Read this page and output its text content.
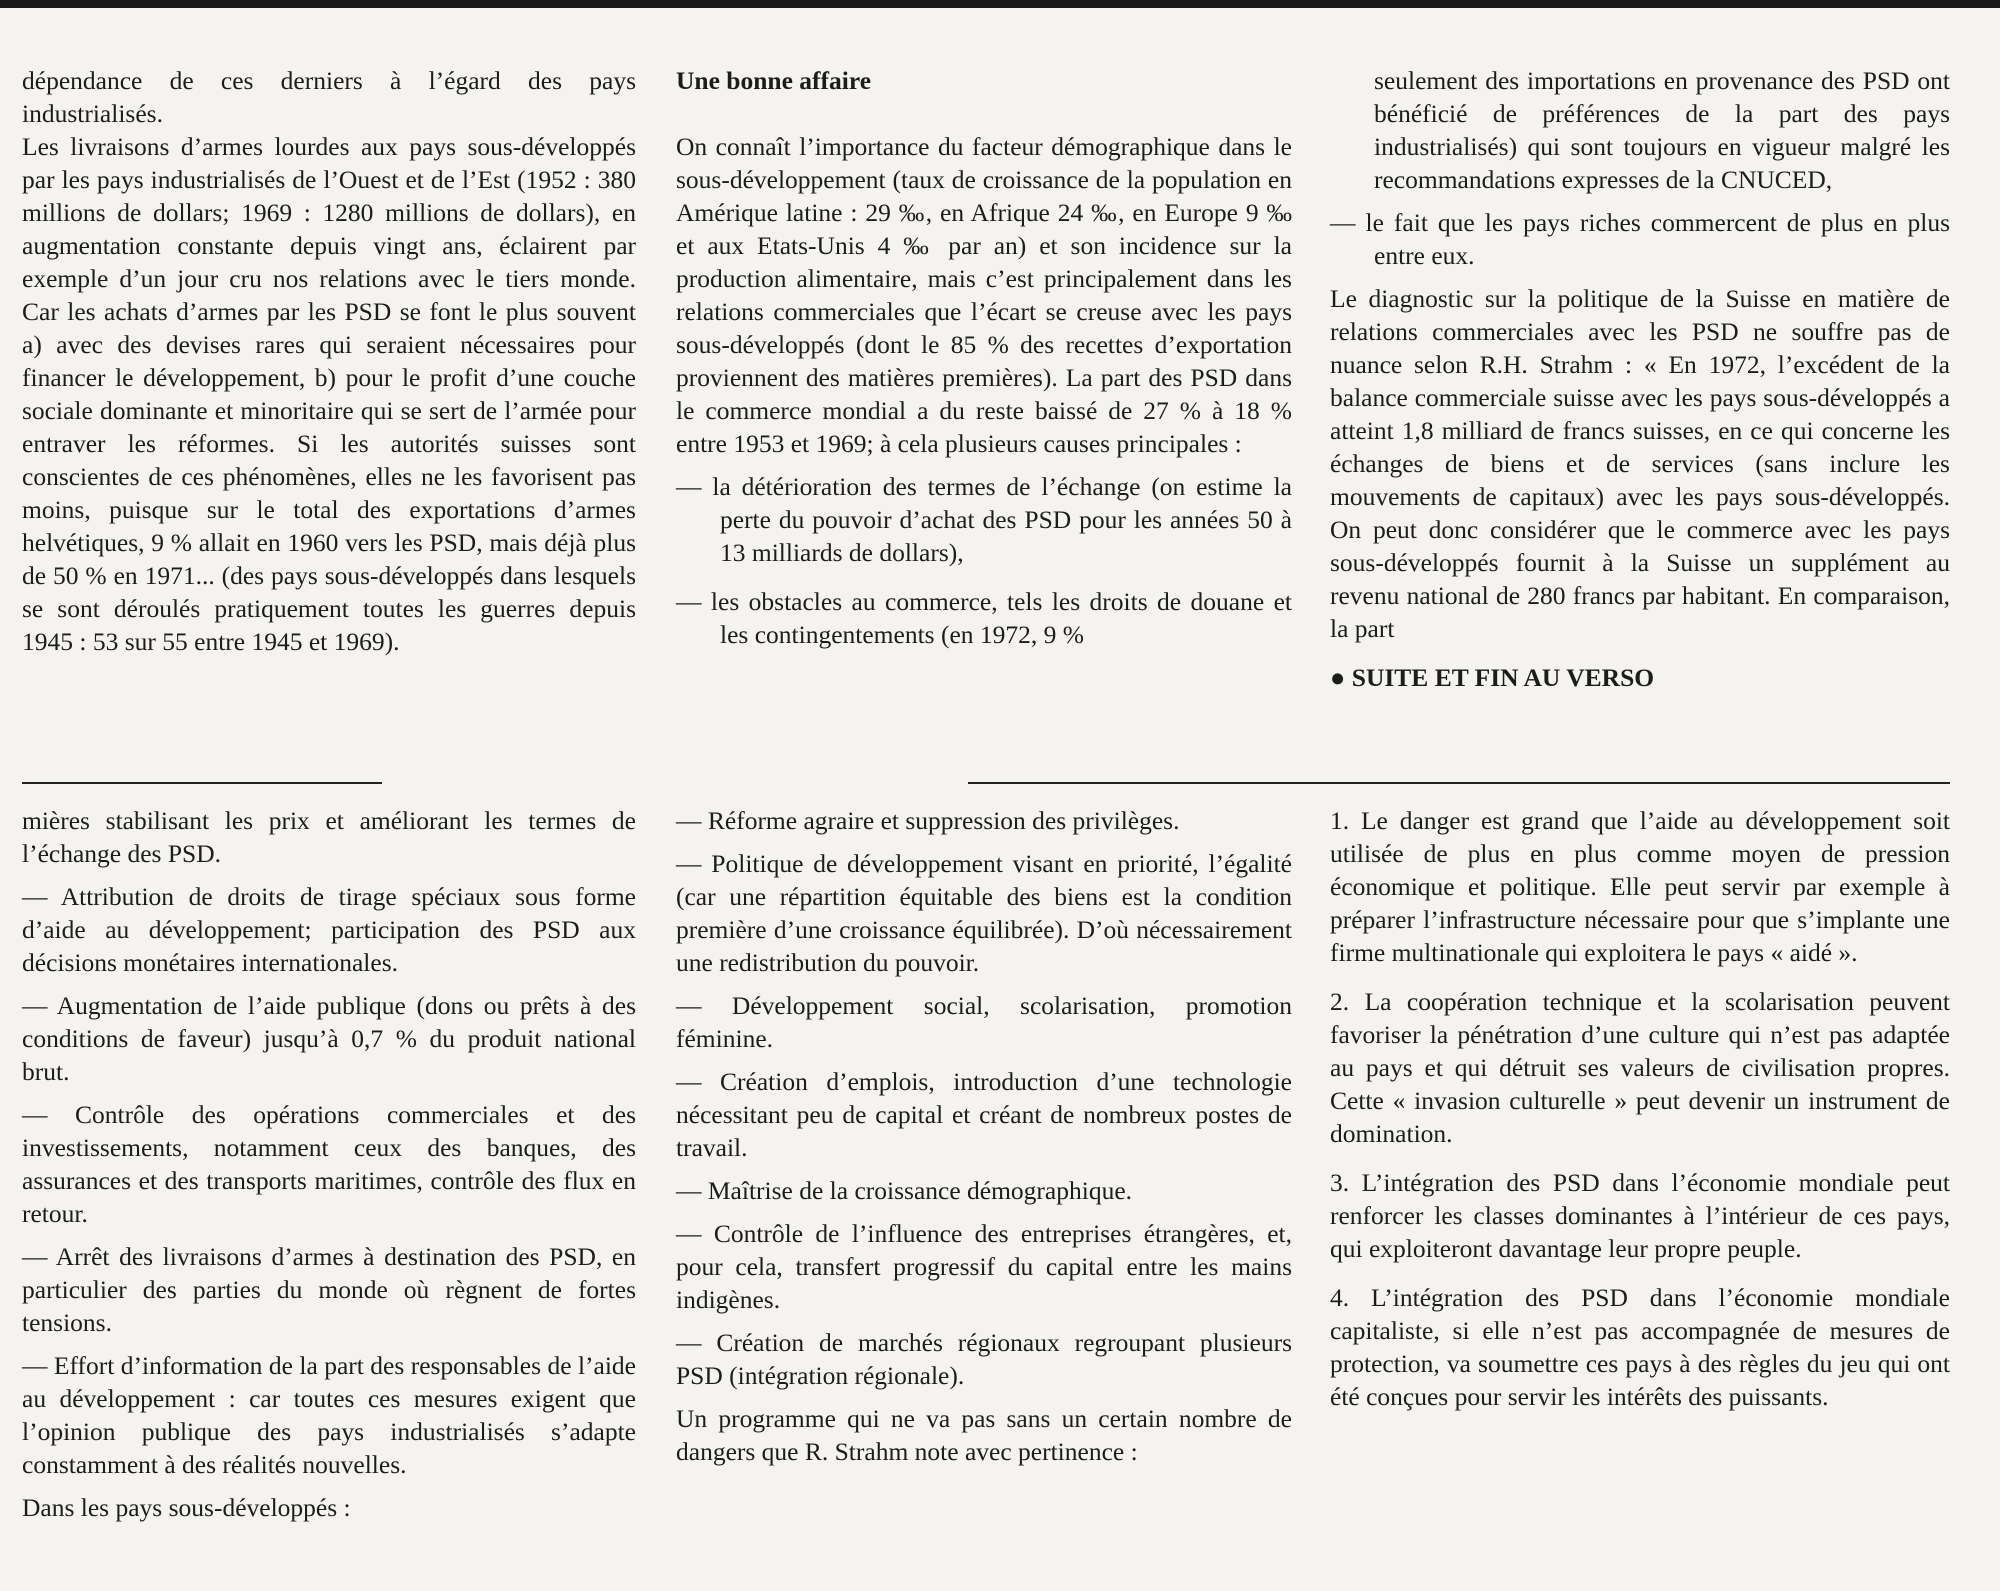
dépendance de ces derniers à l’égard des pays industrialisés.

Les livraisons d’armes lourdes aux pays sous-développés par les pays industrialisés de l’Ouest et de l’Est (1952 : 380 millions de dollars; 1969 : 1280 millions de dollars), en augmentation constante depuis vingt ans, éclairent par exemple d’un jour cru nos relations avec le tiers monde. Car les achats d’armes par les PSD se font le plus souvent a) avec des devises rares qui seraient nécessaires pour financer le développement, b) pour le profit d’une couche sociale dominante et minoritaire qui se sert de l’armée pour entraver les réformes. Si les autorités suisses sont conscientes de ces phénomènes, elles ne les favorisent pas moins, puisque sur le total des exportations d’armes helvétiques, 9 % allait en 1960 vers les PSD, mais déjà plus de 50 % en 1971... (des pays sous-développés dans lesquels se sont déroulés pratiquement toutes les guerres depuis 1945 : 53 sur 55 entre 1945 et 1969).

Une bonne affaire

On connaît l’importance du facteur démographique dans le sous-développement (taux de croissance de la population en Amérique latine : 29 ‰, en Afrique 24 ‰, en Europe 9 ‰ et aux Etats-Unis 4 ‰ par an) et son incidence sur la production alimentaire, mais c’est principalement dans les relations commerciales que l’écart se creuse avec les pays sous-développés (dont le 85 % des recettes d’exportation proviennent des matières premières). La part des PSD dans le commerce mondial a du reste baissé de 27 % à 18 % entre 1953 et 1969; à cela plusieurs causes principales :

— la détérioration des termes de l’échange (on estime la perte du pouvoir d’achat des PSD pour les années 50 à 13 milliards de dollars),

— les obstacles au commerce, tels les droits de douane et les contingentements (en 1972, 9 %

seulement des importations en provenance des PSD ont bénéficié de préférences de la part des pays industrialisés) qui sont toujours en vigueur malgré les recommandations expresses de la CNUCED,

— le fait que les pays riches commercent de plus en plus entre eux.

Le diagnostic sur la politique de la Suisse en matière de relations commerciales avec les PSD ne souffre pas de nuance selon R.H. Strahm : « En 1972, l’excédent de la balance commerciale suisse avec les pays sous-développés a atteint 1,8 milliard de francs suisses, en ce qui concerne les échanges de biens et de services (sans inclure les mouvements de capitaux) avec les pays sous-développés. On peut donc considérer que le commerce avec les pays sous-développés fournit à la Suisse un supplément au revenu national de 280 francs par habitant. En comparaison, la part

● SUITE ET FIN AU VERSO

mières stabilisant les prix et améliorant les termes de l’échange des PSD.

— Attribution de droits de tirage spéciaux sous forme d’aide au développement; participation des PSD aux décisions monétaires internationales.

— Augmentation de l’aide publique (dons ou prêts à des conditions de faveur) jusqu’à 0,7 % du produit national brut.

— Contrôle des opérations commerciales et des investissements, notamment ceux des banques, des assurances et des transports maritimes, contrôle des flux en retour.

— Arrêt des livraisons d’armes à destination des PSD, en particulier des parties du monde où règnent de fortes tensions.

— Effort d’information de la part des responsables de l’aide au développement : car toutes ces mesures exigent que l’opinion publique des pays industrialisés s’adapte constamment à des réalités nouvelles.

Dans les pays sous-développés :

— Réforme agraire et suppression des privilèges.

— Politique de développement visant en priorité, l’égalité (car une répartition équitable des biens est la condition première d’une croissance équilibrée). D’où nécessairement une redistribution du pouvoir.

— Développement social, scolarisation, promotion féminine.

— Création d’emplois, introduction d’une technologie nécessitant peu de capital et créant de nombreux postes de travail.

— Maîtrise de la croissance démographique.

— Contrôle de l’influence des entreprises étrangères, et, pour cela, transfert progressif du capital entre les mains indigènes.

— Création de marchés régionaux regroupant plusieurs PSD (intégration régionale).

Un programme qui ne va pas sans un certain nombre de dangers que R. Strahm note avec pertinence :

1. Le danger est grand que l’aide au développement soit utilisée de plus en plus comme moyen de pression économique et politique. Elle peut servir par exemple à préparer l’infrastructure nécessaire pour que s’implante une firme multinationale qui exploitera le pays « aidé ».

2. La coopération technique et la scolarisation peuvent favoriser la pénétration d’une culture qui n’est pas adaptée au pays et qui détruit ses valeurs de civilisation propres. Cette « invasion culturelle » peut devenir un instrument de domination.

3. L’intégration des PSD dans l’économie mondiale peut renforcer les classes dominantes à l’intérieur de ces pays, qui exploiteront davantage leur propre peuple.

4. L’intégration des PSD dans l’économie mondiale capitaliste, si elle n’est pas accompagnée de mesures de protection, va soumettre ces pays à des règles du jeu qui ont été conçues pour servir les intérêts des puissants.
